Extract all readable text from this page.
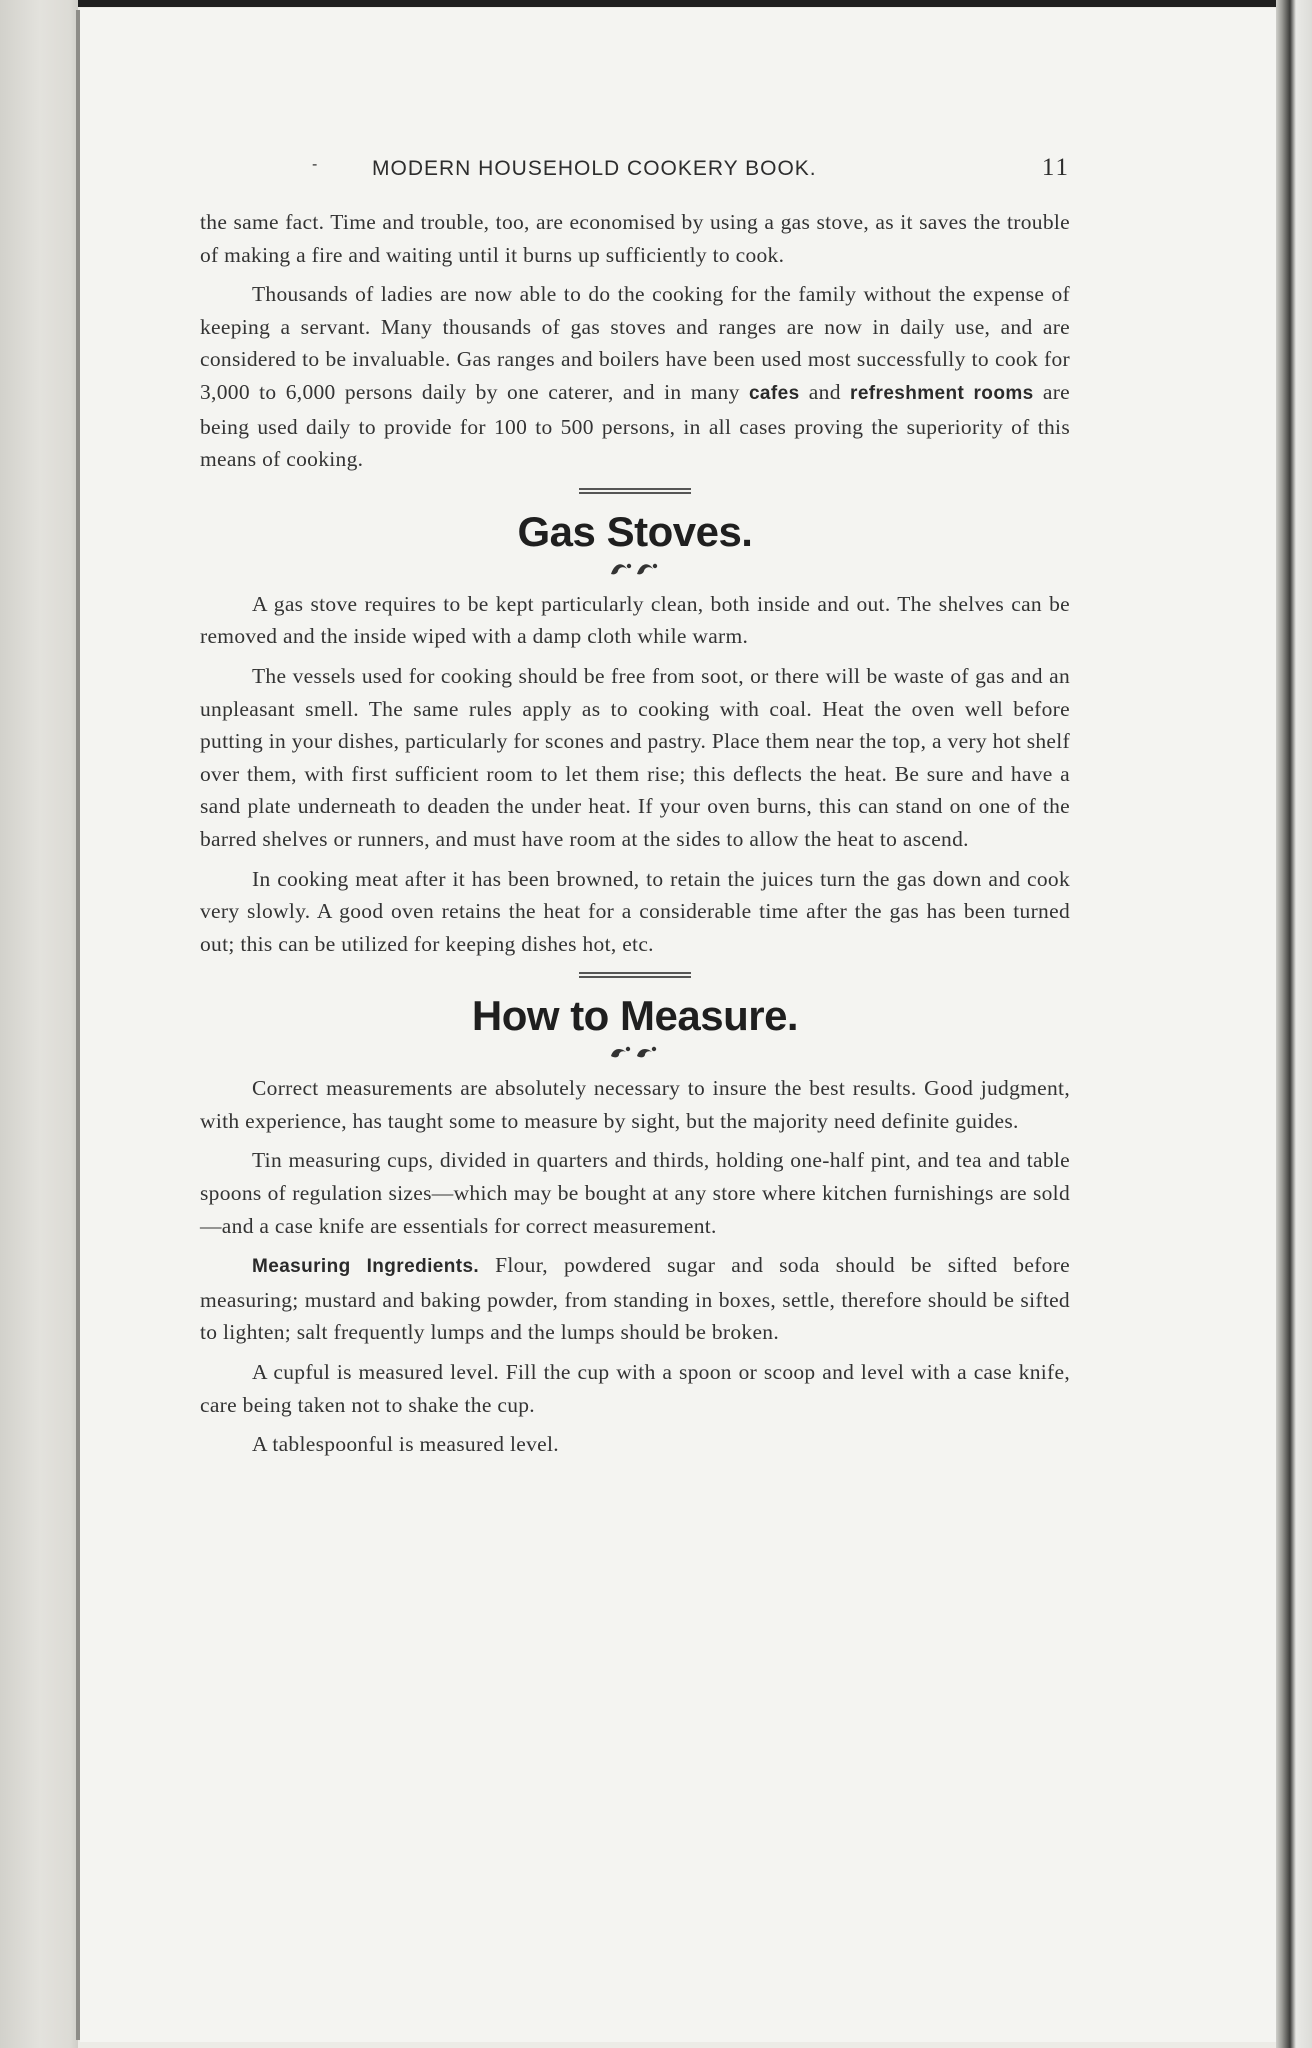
-	MODERN HOUSEHOLD COOKERY BOOK.	11

the same fact. Time and trouble, too, are economised by using a gas stove, as it saves the trouble of making a fire and waiting until it burns up sufficiently to cook.

Thousands of ladies are now able to do the cooking for the family without the expense of keeping a servant. Many thousands of gas stoves and ranges are now in daily use, and are considered to be invaluable. Gas ranges and boilers have been used most successfully to cook for 3,000 to 6,000 persons daily by one caterer, and in many cafes and refreshment rooms are being used daily to provide for 100 to 500 persons, in all cases proving the superiority of this means of cooking.

Gas Stoves.

A gas stove requires to be kept particularly clean, both inside and out. The shelves can be removed and the inside wiped with a damp cloth while warm.

The vessels used for cooking should be free from soot, or there will be waste of gas and an unpleasant smell. The same rules apply as to cooking with coal. Heat the oven well before putting in your dishes, particularly for scones and pastry. Place them near the top, a very hot shelf over them, with first sufficient room to let them rise; this deflects the heat. Be sure and have a sand plate underneath to deaden the under heat. If your oven burns, this can stand on one of the barred shelves or runners, and must have room at the sides to allow the heat to ascend.

In cooking meat after it has been browned, to retain the juices turn the gas down and cook very slowly. A good oven retains the heat for a considerable time after the gas has been turned out; this can be utilized for keeping dishes hot, etc.

How to Measure.

Correct measurements are absolutely necessary to insure the best results. Good judgment, with experience, has taught some to measure by sight, but the majority need definite guides.

Tin measuring cups, divided in quarters and thirds, holding one-half pint, and tea and table spoons of regulation sizes—which may be bought at any store where kitchen furnishings are sold—and a case knife are essentials for correct measurement.

Measuring Ingredients. Flour, powdered sugar and soda should be sifted before measuring; mustard and baking powder, from standing in boxes, settle, therefore should be sifted to lighten; salt frequently lumps and the lumps should be broken.

A cupful is measured level. Fill the cup with a spoon or scoop and level with a case knife, care being taken not to shake the cup.

A tablespoonful is measured level.
